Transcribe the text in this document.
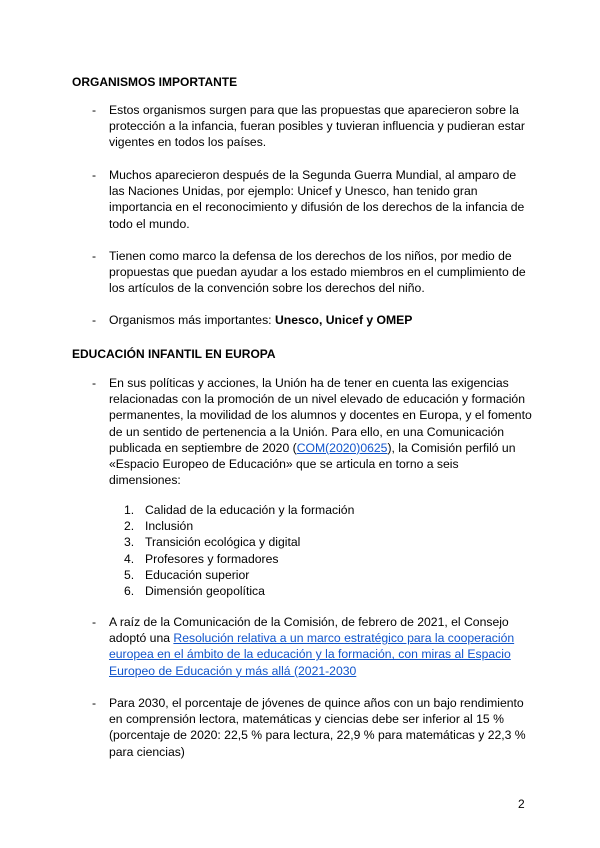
ORGANISMOS IMPORTANTE
- Estos organismos surgen para que las propuestas que aparecieron sobre la protección a la infancia, fueran posibles y tuvieran influencia y pudieran estar vigentes en todos los países.
- Muchos aparecieron después de la Segunda Guerra Mundial, al amparo de las Naciones Unidas, por ejemplo: Unicef y Unesco, han tenido gran importancia en el reconocimiento y difusión de los derechos de la infancia de todo el mundo.
- Tienen como marco la defensa de los derechos de los niños, por medio de propuestas que puedan ayudar a los estado miembros en el cumplimiento de los artículos de la convención sobre los derechos del niño.
- Organismos más importantes: Unesco, Unicef y OMEP
EDUCACIÓN INFANTIL EN EUROPA
- En sus políticas y acciones, la Unión ha de tener en cuenta las exigencias relacionadas con la promoción de un nivel elevado de educación y formación permanentes, la movilidad de los alumnos y docentes en Europa, y el fomento de un sentido de pertenencia a la Unión. Para ello, en una Comunicación publicada en septiembre de 2020 (COM(2020)0625), la Comisión perfiló un «Espacio Europeo de Educación» que se articula en torno a seis dimensiones:
1. Calidad de la educación y la formación
2. Inclusión
3. Transición ecológica y digital
4. Profesores y formadores
5. Educación superior
6. Dimensión geopolítica
- A raíz de la Comunicación de la Comisión, de febrero de 2021, el Consejo adoptó una Resolución relativa a un marco estratégico para la cooperación europea en el ámbito de la educación y la formación, con miras al Espacio Europeo de Educación y más allá (2021-2030
- Para 2030, el porcentaje de jóvenes de quince años con un bajo rendimiento en comprensión lectora, matemáticas y ciencias debe ser inferior al 15 % (porcentaje de 2020: 22,5 % para lectura, 22,9 % para matemáticas y 22,3 % para ciencias)
2
